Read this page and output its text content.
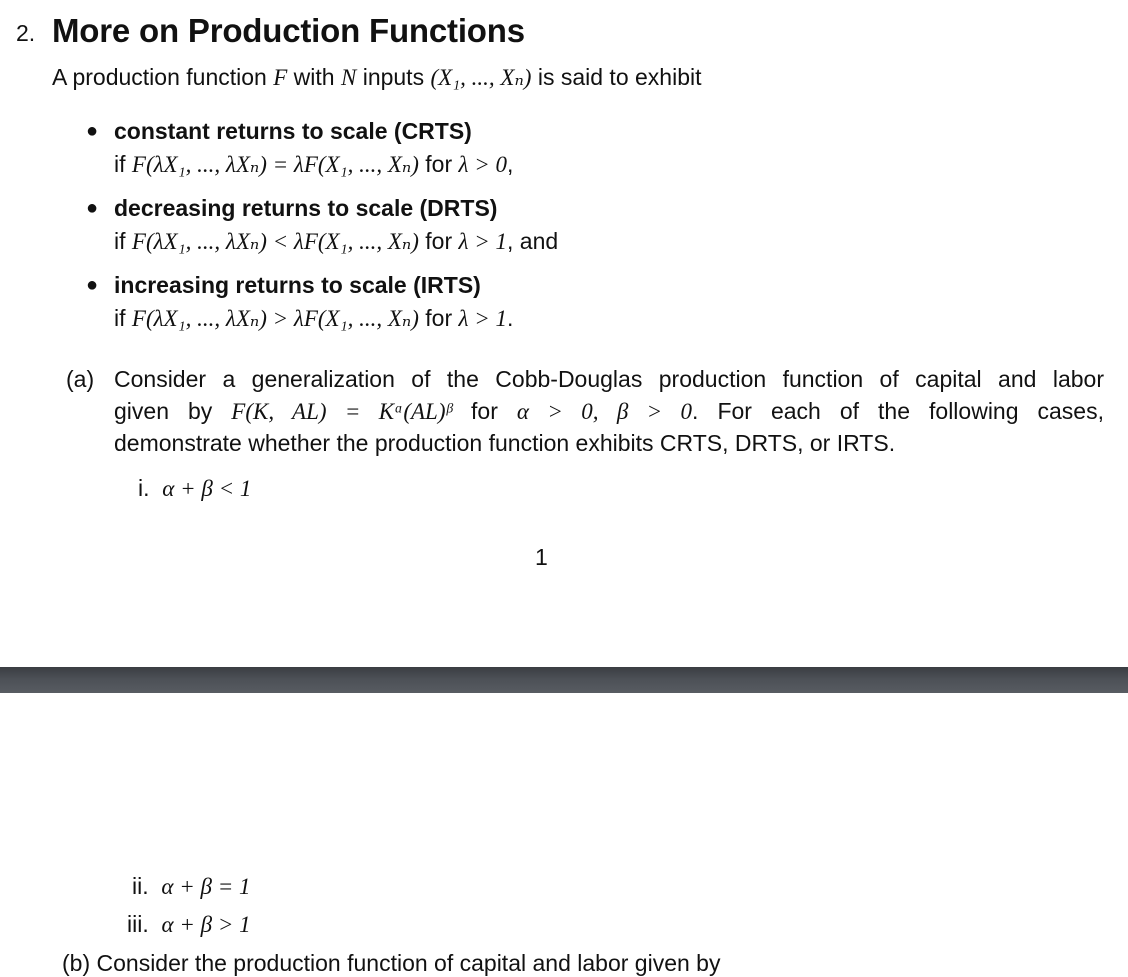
2. More on Production Functions
A production function F with N inputs (X₁, ..., Xₙ) is said to exhibit
● constant returns to scale (CRTS)
if F(λX₁, ..., λXₙ) = λF(X₁, ..., Xₙ) for λ > 0,
● decreasing returns to scale (DRTS)
if F(λX₁, ..., λXₙ) < λF(X₁, ..., Xₙ) for λ > 1, and
● increasing returns to scale (IRTS)
if F(λX₁, ..., λXₙ) > λF(X₁, ..., Xₙ) for λ > 1.
(a) Consider a generalization of the Cobb-Douglas production function of capital and labor
given by F(K, AL) = Kᵅ(AL)ᵝ for α > 0, β > 0. For each of the following cases,
demonstrate whether the production function exhibits CRTS, DRTS, or IRTS.
i. α + β < 1
1
ii. α + β = 1
iii. α + β > 1
(b) Consider the production function of capital and labor given by
